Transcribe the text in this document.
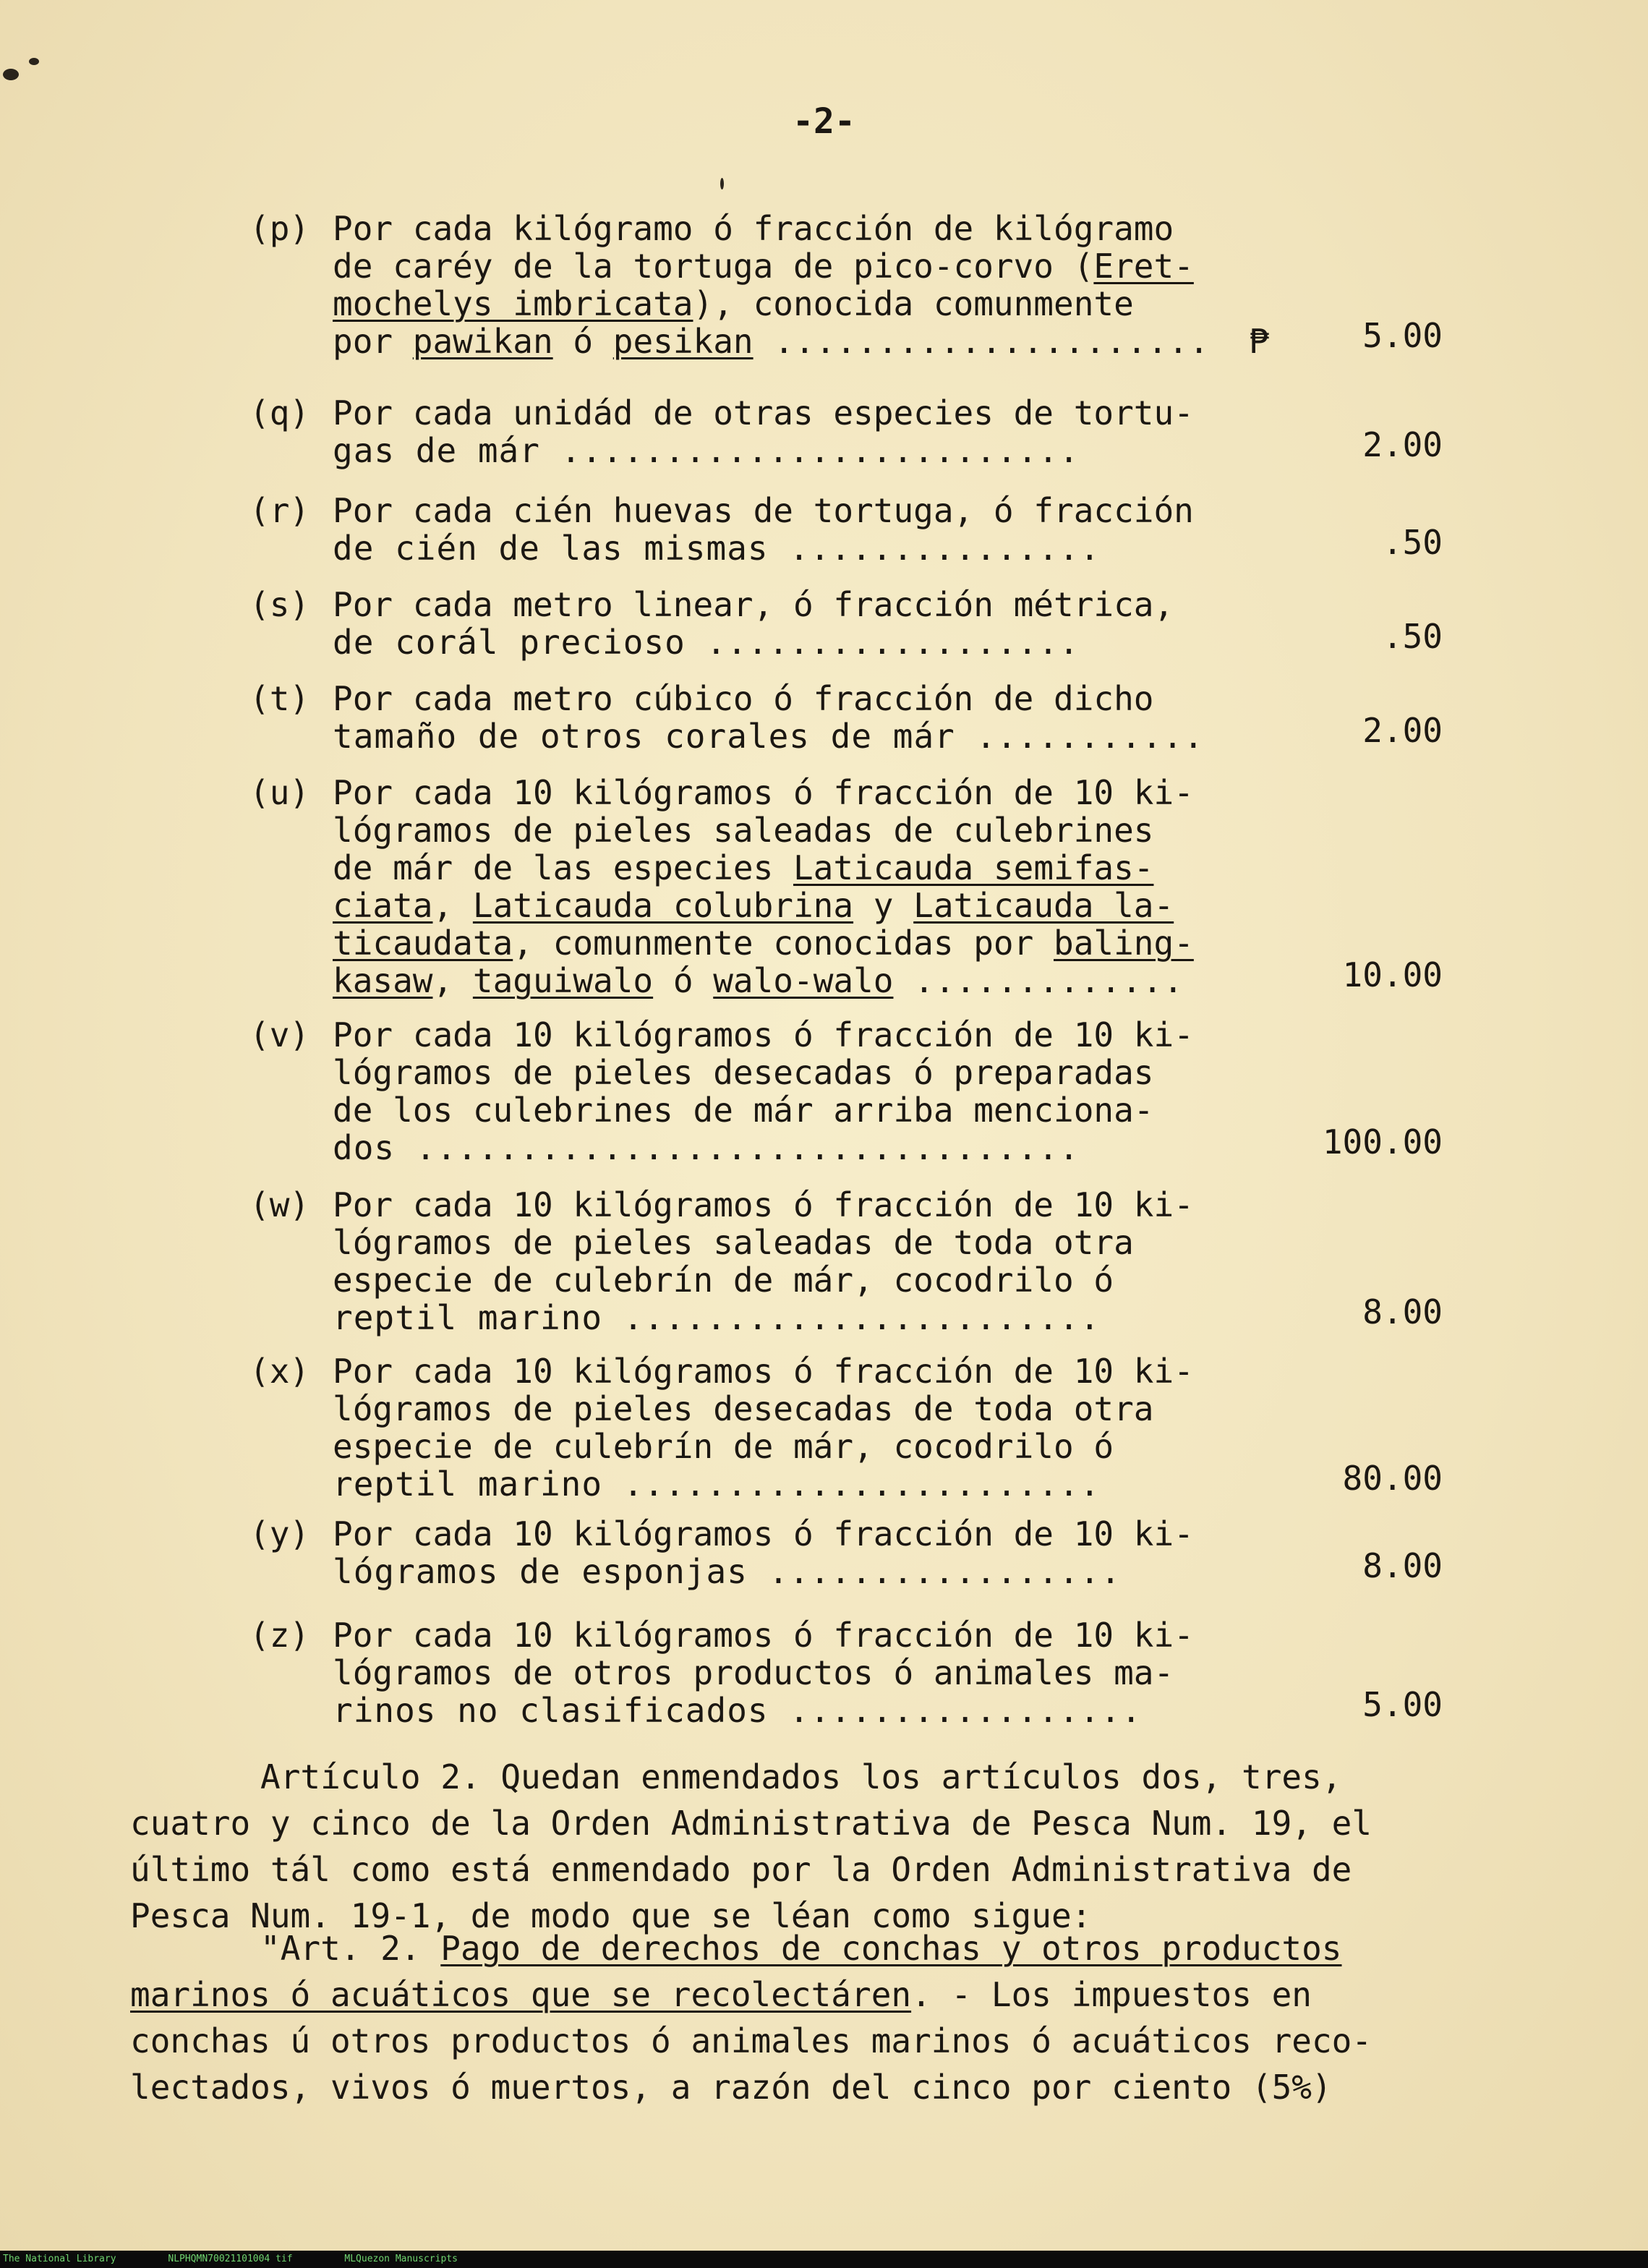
-2-
(p) Por cada kilógramo ó fracción de kilógramo
de caréy de la tortuga de pico-corvo (Eret-
mochelys imbricata), conocida comunmente
por pawikan ó pesikan .....................	₱	5.00
(q) Por cada unidád de otras especies de tortu-
gas de már .........................	2.00
(r) Por cada cién huevas de tortuga, ó fracción
de cién de las mismas ...............	.50
(s) Por cada metro linear, ó fracción métrica,
de corál precioso ..................	.50
(t) Por cada metro cúbico ó fracción de dicho
tamaño de otros corales de már ...........	2.00
(u) Por cada 10 kilógramos ó fracción de 10 ki-
lógramos de pieles saleadas de culebrines
de már de las especies Laticauda semifas-
ciata, Laticauda colubrina y Laticauda la-
ticaudata, comunmente conocidas por baling-
kasaw, taguiwalo ó walo-walo .............	10.00
(v) Por cada 10 kilógramos ó fracción de 10 ki-
lógramos de pieles desecadas ó preparadas
de los culebrines de már arriba menciona-
dos ................................	100.00
(w) Por cada 10 kilógramos ó fracción de 10 ki-
lógramos de pieles saleadas de toda otra
especie de culebrín de már, cocodrilo ó
reptil marino .......................	8.00
(x) Por cada 10 kilógramos ó fracción de 10 ki-
lógramos de pieles desecadas de toda otra
especie de culebrín de már, cocodrilo ó
reptil marino .......................	80.00
(y) Por cada 10 kilógramos ó fracción de 10 ki-
lógramos de esponjas .................	8.00
(z) Por cada 10 kilógramos ó fracción de 10 ki-
lógramos de otros productos ó animales ma-
rinos no clasificados .................	5.00
Artículo 2. Quedan enmendados los artículos dos, tres,
cuatro y cinco de la Orden Administrativa de Pesca Num. 19, el
último tál como está enmendado por la Orden Administrativa de
Pesca Num. 19-1, de modo que se léan como sigue:
"Art. 2. Pago de derechos de conchas y otros productos
marinos ó acuáticos que se recolectáren. - Los impuestos en
conchas ú otros productos ó animales marinos ó acuáticos reco-
lectados, vivos ó muertos, a razón del cinco por ciento (5%)
The National Library	NLPHQMN70021101004 tif	MLQuezon Manuscripts
